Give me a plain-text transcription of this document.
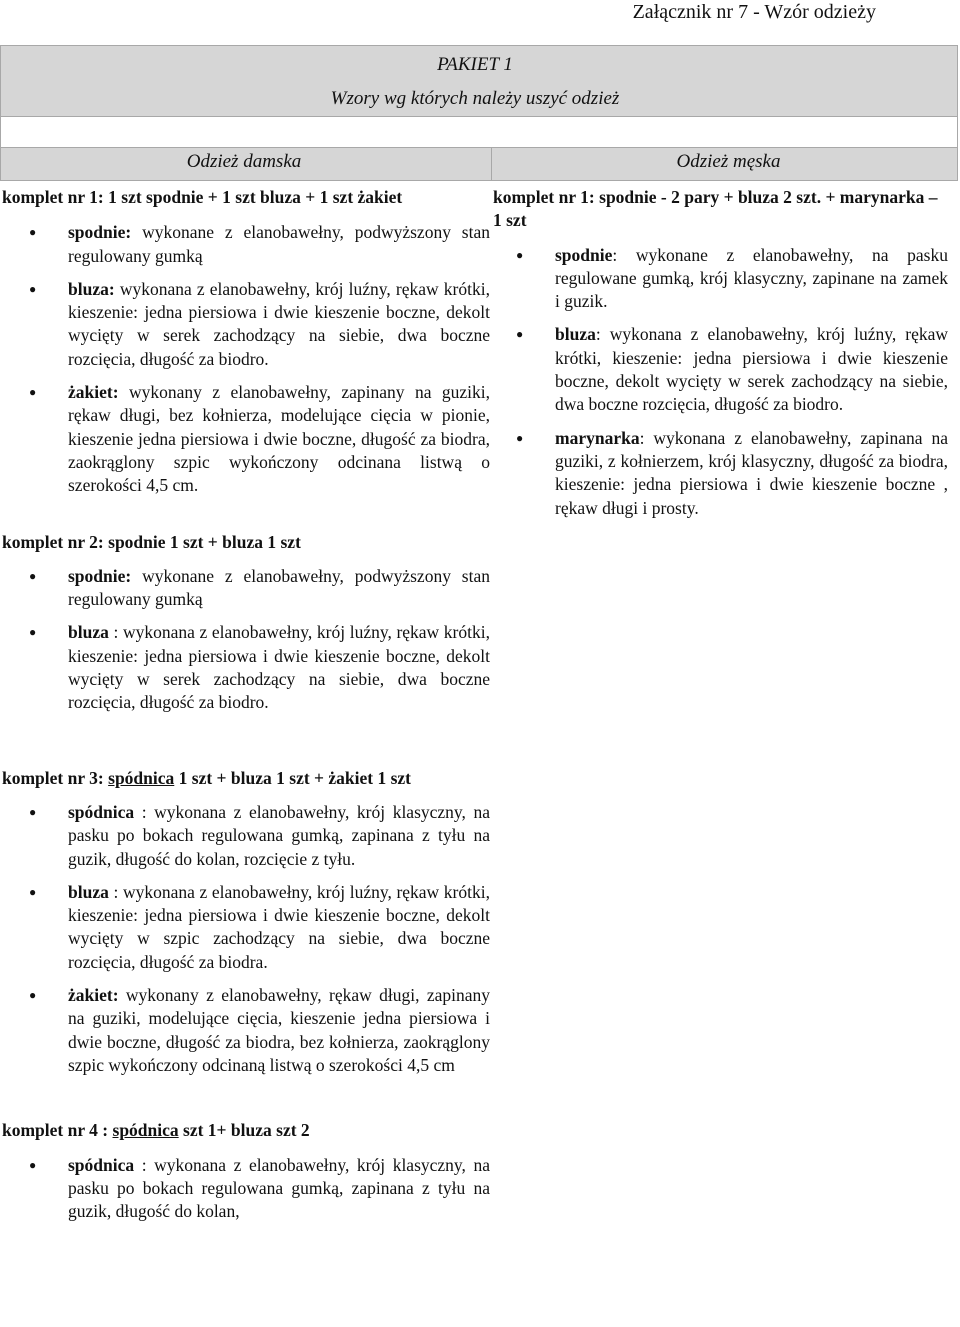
Załącznik nr 7 - Wzór odzieży
PAKIET 1
Wzory wg których należy uszyć odzież
Odzież damska	Odzież męska

komplet nr 1: 1 szt spodnie + 1 szt bluza + 1 szt żakiet

● spodnie: wykonane z elanobawełny, podwyższony stan regulowany gumką
● bluza: wykonana z elanobawełny, krój luźny, rękaw krótki, kieszenie: jedna piersiowa i dwie kieszenie boczne, dekolt wycięty w serek zachodzący na siebie, dwa boczne rozcięcia, długość za biodro.
● żakiet: wykonany z elanobawełny, zapinany na guziki, rękaw długi, bez kołnierza, modelujące cięcia w pionie, kieszenie jedna piersiowa i dwie boczne, długość za biodra, zaokrąglony szpic wykończony odcinana listwą o szerokości 4,5 cm.

komplet nr 2: spodnie 1 szt + bluza 1 szt

● spodnie: wykonane z elanobawełny, podwyższony stan regulowany gumką
● bluza : wykonana z elanobawełny, krój luźny, rękaw krótki, kieszenie: jedna piersiowa i dwie kieszenie boczne, dekolt wycięty w serek zachodzący na siebie, dwa boczne rozcięcia, długość za biodro.

komplet nr 3: spódnica 1 szt + bluza 1 szt + żakiet 1 szt

● spódnica : wykonana z elanobawełny, krój klasyczny, na pasku po bokach regulowana gumką, zapinana z tyłu na guzik, długość do kolan, rozcięcie z tyłu.
● bluza : wykonana z elanobawełny, krój luźny, rękaw krótki, kieszenie: jedna piersiowa i dwie kieszenie boczne, dekolt wycięty w szpic zachodzący na siebie, dwa boczne rozcięcia, długość za biodra.
● żakiet: wykonany z elanobawełny, rękaw długi, zapinany na guziki, modelujące cięcia, kieszenie jedna piersiowa i dwie boczne, długość za biodra, bez kołnierza, zaokrąglony szpic wykończony odcinaną listwą o szerokości 4,5 cm

komplet nr 4 : spódnica szt 1+ bluza szt 2

● spódnica : wykonana z elanobawełny, krój klasyczny, na pasku po bokach regulowana gumką, zapinana z tyłu na guzik, długość do kolan,

komplet nr 1: spodnie - 2 pary + bluza 2 szt. + marynarka – 1 szt

● spodnie: wykonane z elanobawełny, na pasku regulowane gumką, krój klasyczny, zapinane na zamek i guzik.
● bluza: wykonana z elanobawełny, krój luźny, rękaw krótki, kieszenie: jedna piersiowa i dwie kieszenie boczne, dekolt wycięty w serek zachodzący na siebie, dwa boczne rozcięcia, długość za biodro.
● marynarka: wykonana z elanobawełny, zapinana na guziki, z kołnierzem, krój klasyczny, długość za biodra, kieszenie: jedna piersiowa i dwie kieszenie boczne , rękaw długi i prosty.
